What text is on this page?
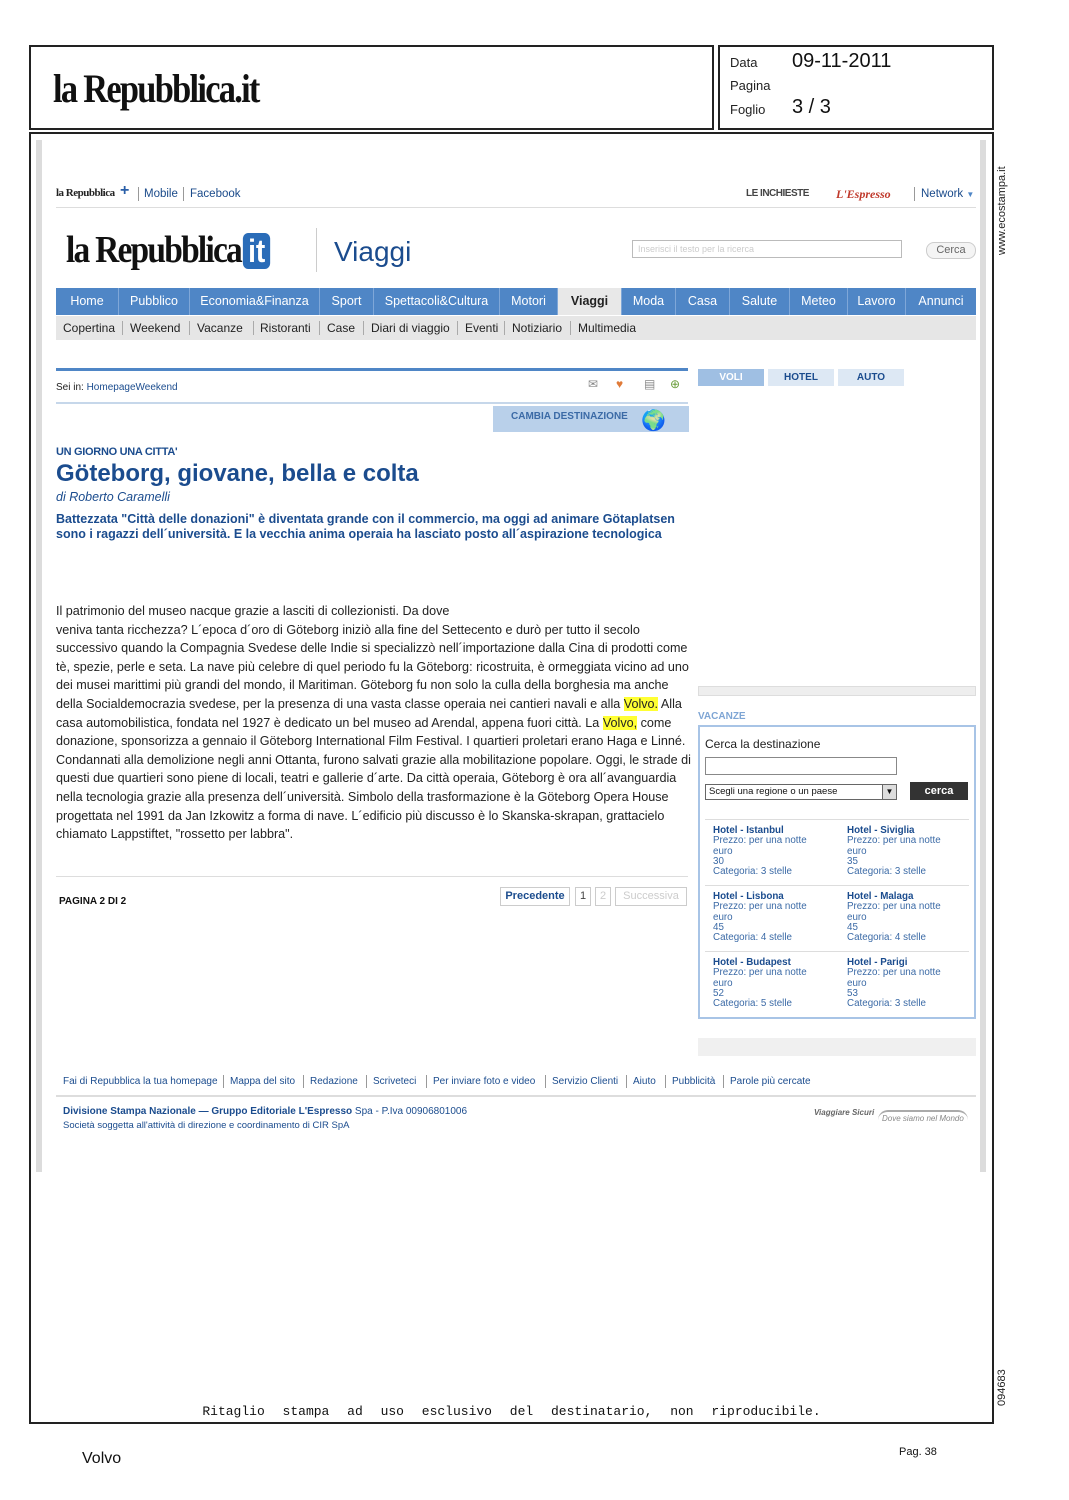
la Repubblica.it
Data 09-11-2011
Pagina
Foglio 3 / 3
www.ecostampa.it
094683
la Repubblica + Mobile Facebook	LE INCHIESTE L'Espresso	Network ▼
la Repubblica it Viaggi	Inserisci il testo per la ricerca	Cerca
Home	Pubblico	Economia&Finanza	Sport	Spettacoli&Cultura	Motori	Viaggi	Moda	Casa	Salute	Meteo	Lavoro	Annunci
Copertina Weekend Vacanze Ristoranti Case Diari di viaggio Eventi Notiziario Multimedia
Sei in: HomepageWeekend	✉	♥	▤ ⊕
CAMBIA DESTINAZIONE 🌍
VOLI	HOTEL	AUTO
UN GIORNO UNA CITTA'
Göteborg, giovane, bella e colta
di Roberto Caramelli
Battezzata "Città delle donazioni" è diventata grande con il commercio, ma oggi ad animare Götaplatsen sono i ragazzi dell´università. E la vecchia anima operaia ha lasciato posto all´aspirazione tecnologica
Il patrimonio del museo nacque grazie a lasciti di collezionisti. Da dove
veniva tanta ricchezza? L´epoca d´oro di Göteborg iniziò alla fine del Settecento e durò per tutto il secolo successivo quando la Compagnia Svedese delle Indie si specializzò nell´importazione dalla Cina di prodotti come tè, spezie, perle e seta. La nave più celebre di quel periodo fu la Göteborg: ricostruita, è ormeggiata vicino ad uno dei musei marittimi più grandi del mondo, il Maritiman. Göteborg fu non solo la culla della borghesia ma anche della Socialdemocrazia svedese, per la presenza di una vasta classe operaia nei cantieri navali e alla Volvo. Alla casa automobilistica, fondata nel 1927 è dedicato un bel museo ad Arendal, appena fuori città. La Volvo, come donazione, sponsorizza a gennaio il Göteborg International Film Festival. I quartieri proletari erano Haga e Linné. Condannati alla demolizione negli anni Ottanta, furono salvati grazie alla mobilitazione popolare. Oggi, le strade di questi due quartieri sono piene di locali, teatri e gallerie d´arte. Da città operaia, Göteborg è ora all´avanguardia nella tecnologia grazie alla presenza dell´università. Simbolo della trasformazione è la Göteborg Opera House progettata nel 1991 da Jan Izkowitz a forma di nave. L´edificio più discusso è lo Skanska-skrapan, grattacielo chiamato Lappstiftet, "rossetto per labbra".
PAGINA 2 DI 2	Precedente	1	2	Successiva
VACANZE
Cerca la destinazione
Scegli una regione o un paese	▼	cerca
Hotel - Istanbul
Prezzo: per una notte
euro
30
Categoria: 3 stelle
Hotel - Siviglia
Prezzo: per una notte
euro
35
Categoria: 3 stelle
Hotel - Lisbona
Prezzo: per una notte
euro
45
Categoria: 4 stelle
Hotel - Malaga
Prezzo: per una notte
euro
45
Categoria: 4 stelle
Hotel - Budapest
Prezzo: per una notte
euro
52
Categoria: 5 stelle
Hotel - Parigi
Prezzo: per una notte
euro
53
Categoria: 3 stelle
Fai di Repubblica la tua homepage Mappa del sito Redazione Scriveteci Per inviare foto e video Servizio Clienti Aiuto Pubblicità Parole più cercate
Divisione Stampa Nazionale — Gruppo Editoriale L'Espresso Spa - P.Iva 00906801006
Società soggetta all'attività di direzione e coordinamento di CIR SpA
Viaggiare Sicuri
Dove siamo nel Mondo
Ritaglio stampa ad uso esclusivo del destinatario, non riproducibile.
Volvo	Pag. 38
